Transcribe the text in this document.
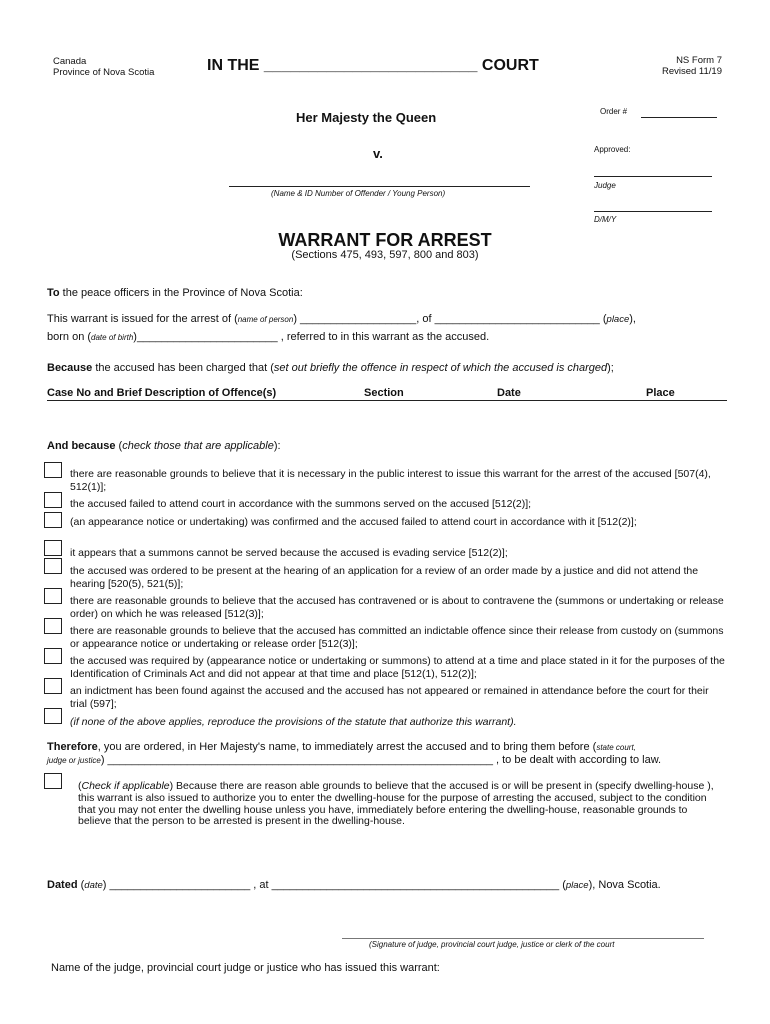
Canada
Province of Nova Scotia	IN THE ________________________ COURT	NS Form 7
Revised 11/19
Her Majesty the Queen
v.
(Name & ID Number of Offender / Young Person)
Order #
Approved:
Judge
D/M/Y
WARRANT FOR ARREST
(Sections 475, 493, 597, 800 and 803)
To the peace officers in the Province of Nova Scotia:
This warrant is issued for the arrest of (name of person) ___________________, of ___________________________ (place),
born on (date of birth)_______________________ , referred to in this warrant as the accused.
Because the accused has been charged that (set out briefly the offence in respect of which the accused is charged);
Case No and Brief Description of Offence(s)	Section	Date	Place
And because (check those that are applicable):
there are reasonable grounds to believe that it is necessary in the public interest to issue this warrant for the arrest of the accused [507(4), 512(1)];
the accused failed to attend court in accordance with the summons served on the accused [512(2)];
(an appearance notice or undertaking) was confirmed and the accused failed to attend court in accordance with it [512(2)];
it appears that a summons cannot be served because the accused is evading service [512(2)];
the accused was ordered to be present at the hearing of an application for a review of an order made by a justice and did not attend the hearing [520(5), 521(5)];
there are reasonable grounds to believe that the accused has contravened or is about to contravene the (summons or undertaking or release order) on which he was released [512(3)];
there are reasonable grounds to believe that the accused has committed an indictable offence since their release from custody on (summons or appearance notice or undertaking or release order [512(3)];
the accused was required by (appearance notice or undertaking or summons) to attend at a time and place stated in it for the purposes of the Identification of Criminals Act and did not appear at that time and place [512(1), 512(2)];
an indictment has been found against the accused and the accused has not appeared or remained in attendance before the court for their trial (597];
(if none of the above applies, reproduce the provisions of the statute that authorize this warrant).
Therefore, you are ordered, in Her Majesty's name, to immediately arrest the accused and to bring them before (state court,
judge or justice) _______________________________________________________________ , to be dealt with according to law.
(Check if applicable) Because there are reason able grounds to believe that the accused is or will be present in (specify dwelling-house ), this warrant is also issued to authorize you to enter the dwelling-house for the purpose of arresting the accused, subject to the condition that you may not enter the dwelling house unless you have, immediately before entering the dwelling-house, reasonable grounds to believe that the person to be arrested is present in the dwelling-house.
Dated (date) _______________________ , at _______________________________________________ (place), Nova Scotia.
(Signature of judge, provincial court judge, justice or clerk of the court
Name of the judge, provincial court judge or justice who has issued this warrant:
